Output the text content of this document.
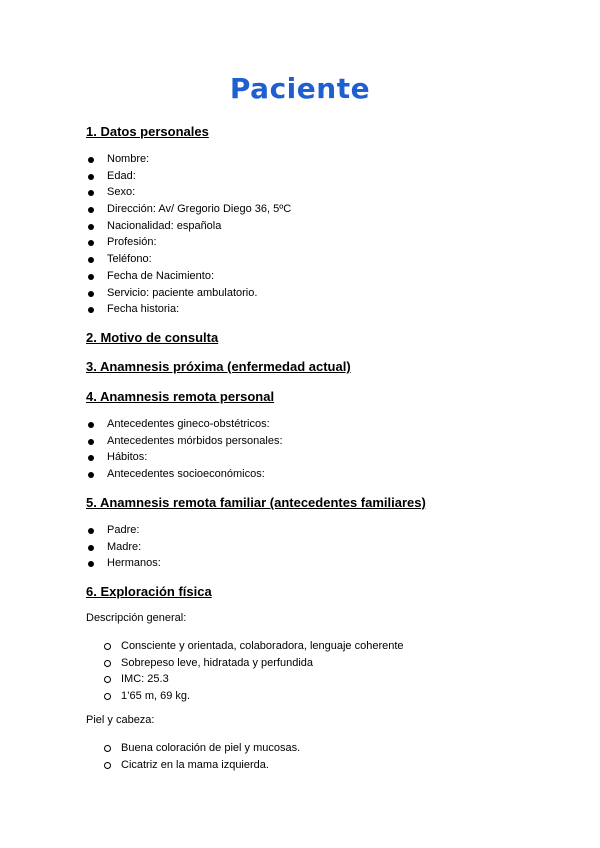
Paciente
1. Datos personales
Nombre:
Edad:
Sexo:
Dirección: Av/ Gregorio Diego 36, 5ºC
Nacionalidad: española
Profesión:
Teléfono:
Fecha de Nacimiento:
Servicio: paciente ambulatorio.
Fecha historia:
2. Motivo de consulta
3. Anamnesis próxima (enfermedad actual)
4. Anamnesis remota personal
Antecedentes gineco-obstétricos:
Antecedentes mórbidos personales:
Hábitos:
Antecedentes socioeconómicos:
5. Anamnesis remota familiar (antecedentes familiares)
Padre:
Madre:
Hermanos:
6. Exploración física

Descripción general:

Consciente y orientada, colaboradora, lenguaje coherente
Sobrepeso leve, hidratada y perfundida
IMC: 25.3
1’65 m, 69 kg.

Piel y cabeza:

Buena coloración de piel y mucosas.
Cicatriz en la mama izquierda.
